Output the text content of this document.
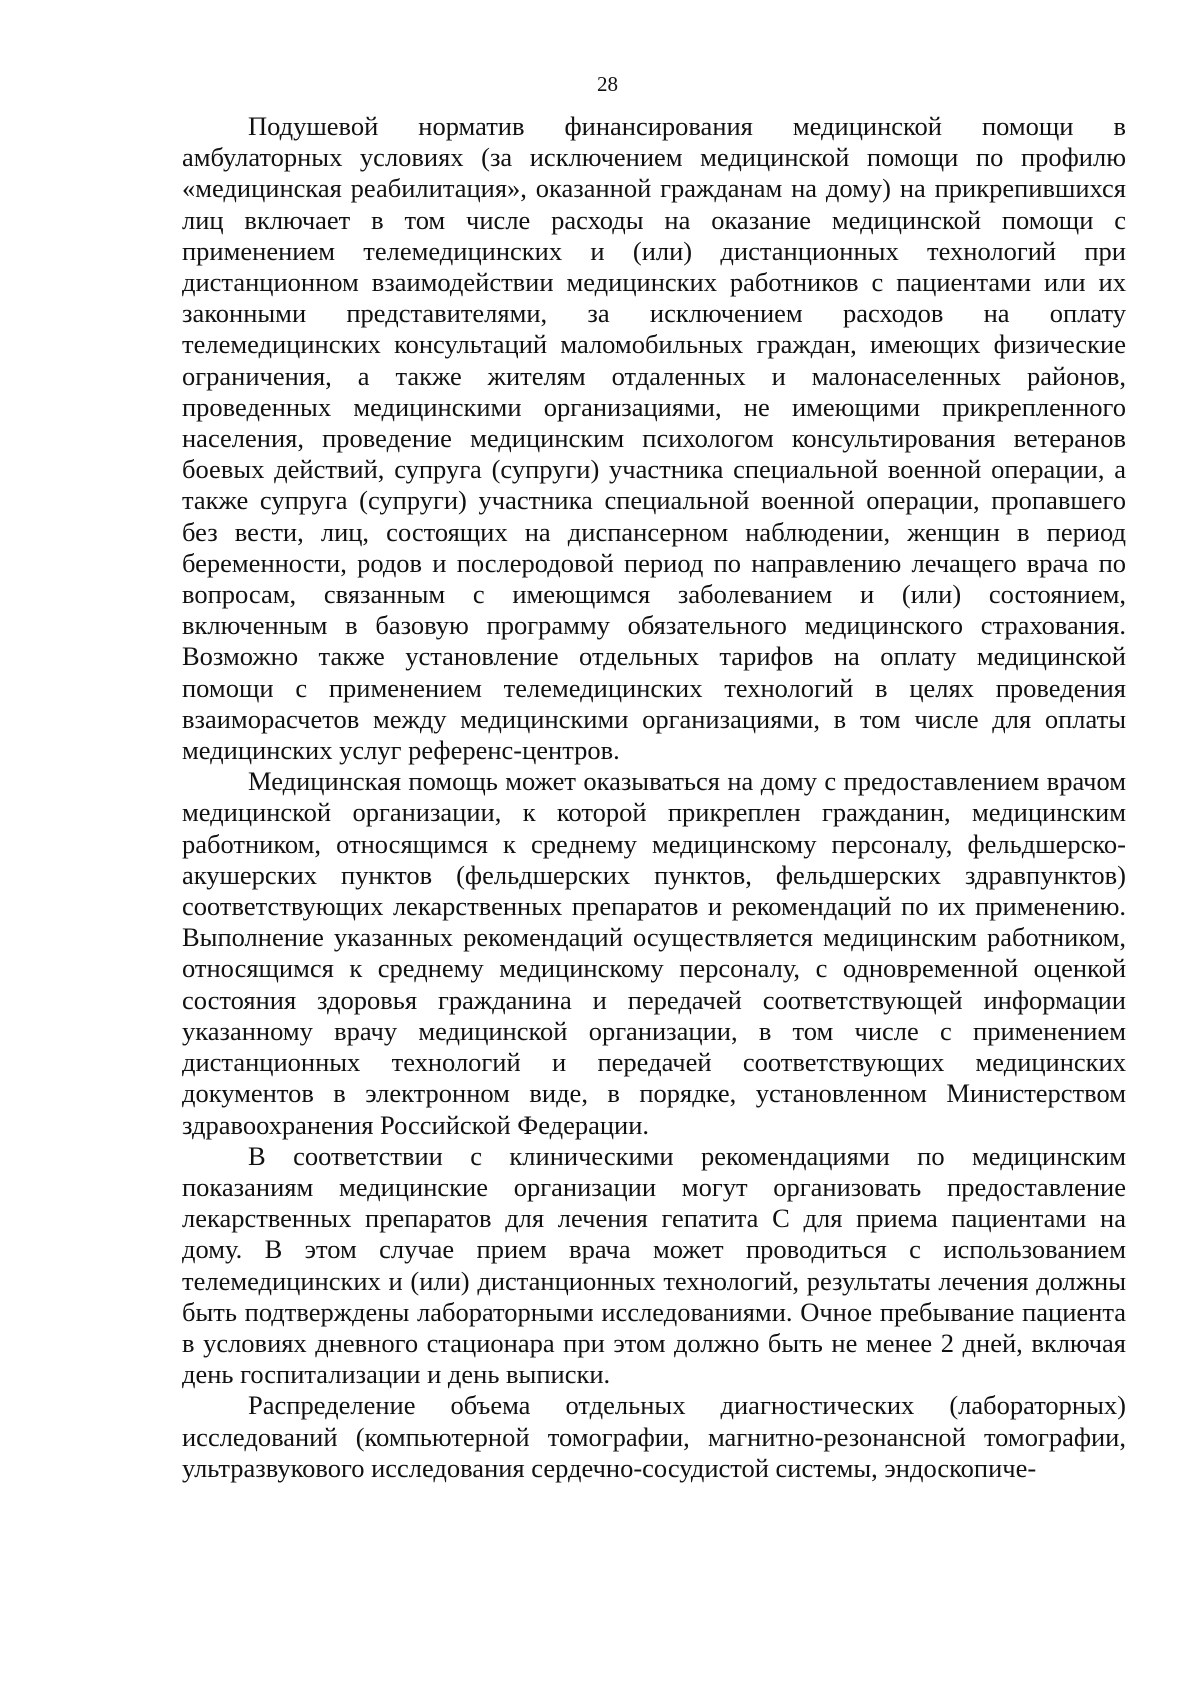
28

Подушевой норматив финансирования медицинской помощи в амбулаторных условиях (за исключением медицинской помощи по профилю «медицинская реабилитация», оказанной гражданам на дому) на прикрепившихся лиц включает в том числе расходы на оказание медицинской помощи с применением телемедицинских и (или) дистанционных технологий при дистанционном взаимодействии медицинских работников с пациентами или их законными представителями, за исключением расходов на оплату телемедицинских консультаций маломобильных граждан, имеющих физические ограничения, а также жителям отдаленных и малонаселенных районов, проведенных медицинскими организациями, не имеющими прикрепленного населения, проведение медицинским психологом консультирования ветеранов боевых действий, супруга (супруги) участника специальной военной операции, а также супруга (супруги) участника специальной военной операции, пропавшего без вести, лиц, состоящих на диспансерном наблюдении, женщин в период беременности, родов и послеродовой период по направлению лечащего врача по вопросам, связанным с имеющимся заболеванием и (или) состоянием, включенным в базовую программу обязательного медицинского страхования. Возможно также установление отдельных тарифов на оплату медицинской помощи с применением телемедицинских технологий в целях проведения взаиморасчетов между медицинскими организациями, в том числе для оплаты медицинских услуг референс-центров.

Медицинская помощь может оказываться на дому с предоставлением врачом медицинской организации, к которой прикреплен гражданин, медицинским работником, относящимся к среднему медицинскому персоналу, фельдшерско-акушерских пунктов (фельдшерских пунктов, фельдшерских здравпунктов) соответствующих лекарственных препаратов и рекомендаций по их применению. Выполнение указанных рекомендаций осуществляется медицинским работником, относящимся к среднему медицинскому персоналу, с одновременной оценкой состояния здоровья гражданина и передачей соответствующей информации указанному врачу медицинской организации, в том числе с применением дистанционных технологий и передачей соответствующих медицинских документов в электронном виде, в порядке, установленном Министерством здравоохранения Российской Федерации.

В соответствии с клиническими рекомендациями по медицинским показаниям медицинские организации могут организовать предоставление лекарственных препаратов для лечения гепатита С для приема пациентами на дому. В этом случае прием врача может проводиться с использованием телемедицинских и (или) дистанционных технологий, результаты лечения должны быть подтверждены лабораторными исследованиями. Очное пребывание пациента в условиях дневного стационара при этом должно быть не менее 2 дней, включая день госпитализации и день выписки.

Распределение объема отдельных диагностических (лабораторных) исследований (компьютерной томографии, магнитно-резонансной томографии, ультразвукового исследования сердечно-сосудистой системы, эндоскопиче-
